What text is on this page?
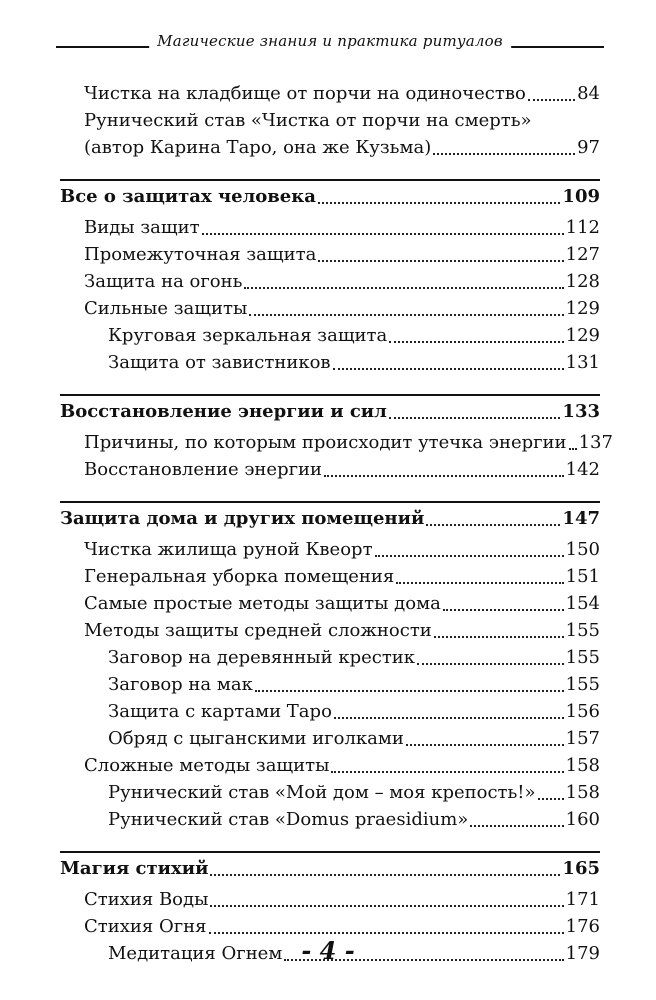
Магические знания и практика ритуалов
Чистка на кладбище от порчи на одиночество	84
Рунический став «Чистка от порчи на смерть»
(автор Карина Таро, она же Кузьма)	97
Все о защитах человека	109
Виды защит	112
Промежуточная защита	127
Защита на огонь	128
Сильные защиты	129
Круговая зеркальная защита	129
Защита от завистников	131
Восстановление энергии и сил	133
Причины, по которым происходит утечка энергии 137
Восстановление энергии	142
Защита дома и других помещений	147
Чистка жилища руной Квеорт	150
Генеральная уборка помещения	151
Самые простые методы защиты дома	154
Методы защиты средней сложности	155
Заговор на деревянный крестик	155
Заговор на мак	155
Защита с картами Таро	156
Обряд с цыганскими иголками	157
Сложные методы защиты	158
Рунический став «Мой дом – моя крепость!» 158
Рунический став «Domus praesidium»	160
Магия стихий	165
Стихия Воды	171
Стихия Огня	176
Медитация Огнем	179
- 4 -
